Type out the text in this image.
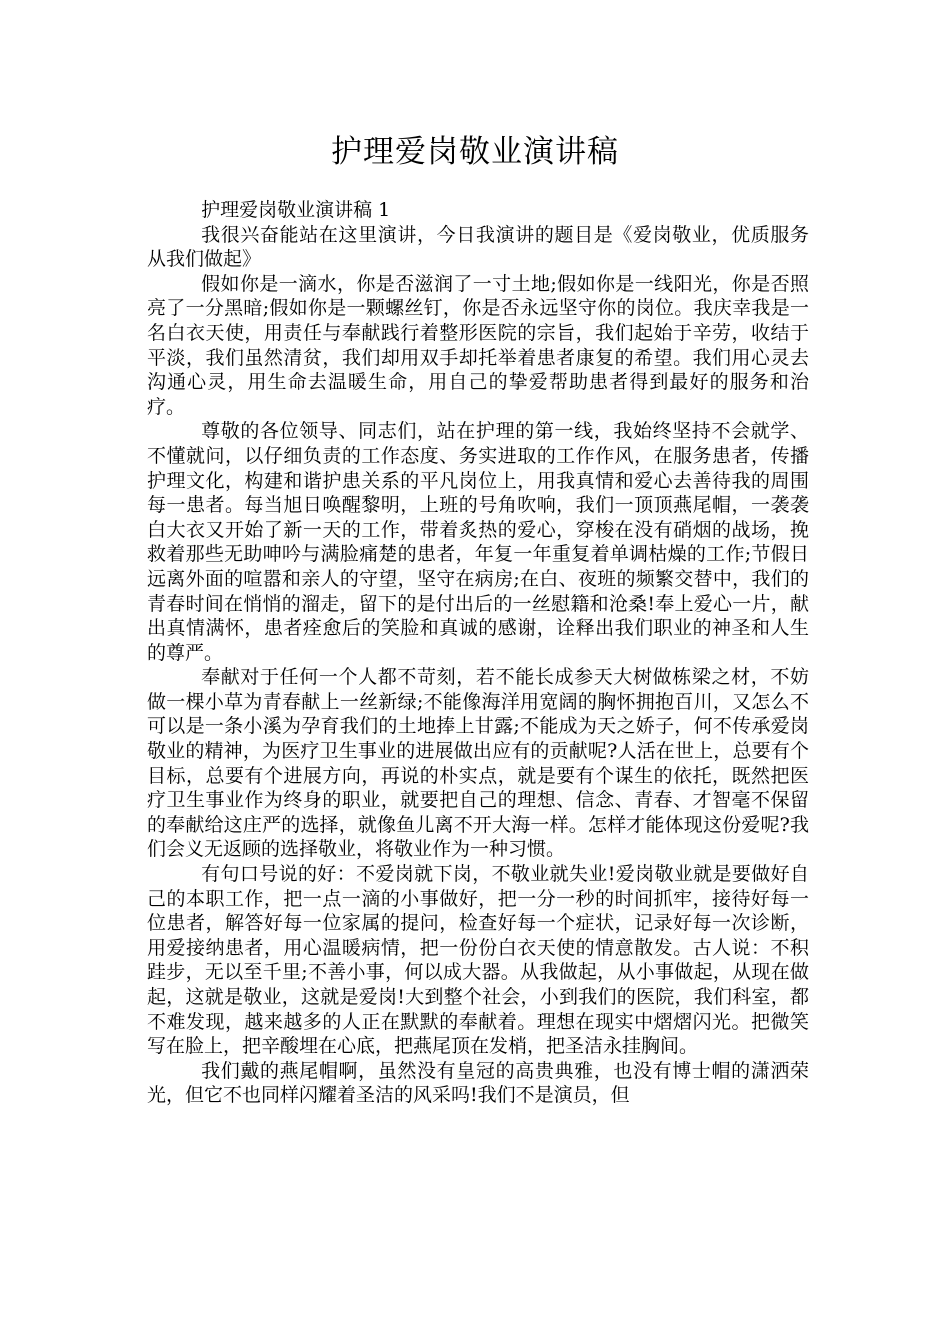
护理爱岗敬业演讲稿

护理爱岗敬业演讲稿 1

我很兴奋能站在这里演讲，今日我演讲的题目是《爱岗敬业，优质服务从我们做起》

假如你是一滴水，你是否滋润了一寸土地;假如你是一线阳光，你是否照亮了一分黑暗;假如你是一颗螺丝钉，你是否永远坚守你的岗位。我庆幸我是一名白衣天使，用责任与奉献践行着整形医院的宗旨，我们起始于辛劳，收结于平淡，我们虽然清贫，我们却用双手却托举着患者康复的希望。我们用心灵去沟通心灵，用生命去温暖生命，用自己的挚爱帮助患者得到最好的服务和治疗。

尊敬的各位领导、同志们，站在护理的第一线，我始终坚持不会就学、不懂就问，以仔细负责的工作态度、务实进取的工作作风，在服务患者，传播护理文化，构建和谐护患关系的平凡岗位上，用我真情和爱心去善待我的周围每一患者。每当旭日唤醒黎明，上班的号角吹响，我们一顶顶燕尾帽，一袭袭白大衣又开始了新一天的工作，带着炙热的爱心，穿梭在没有硝烟的战场，挽救着那些无助呻吟与满脸痛楚的患者，年复一年重复着单调枯燥的工作;节假日远离外面的喧嚣和亲人的守望，坚守在病房;在白、夜班的频繁交替中，我们的青春时间在悄悄的溜走，留下的是付出后的一丝慰籍和沧桑!奉上爱心一片，献出真情满怀，患者痊愈后的笑脸和真诚的感谢，诠释出我们职业的神圣和人生的尊严。

奉献对于任何一个人都不苛刻，若不能长成参天大树做栋梁之材，不妨做一棵小草为青春献上一丝新绿;不能像海洋用宽阔的胸怀拥抱百川，又怎么不可以是一条小溪为孕育我们的土地捧上甘露;不能成为天之娇子，何不传承爱岗敬业的精神，为医疗卫生事业的进展做出应有的贡献呢?人活在世上，总要有个目标，总要有个进展方向，再说的朴实点，就是要有个谋生的依托，既然把医疗卫生事业作为终身的职业，就要把自己的理想、信念、青春、才智毫不保留的奉献给这庄严的选择，就像鱼儿离不开大海一样。怎样才能体现这份爱呢?我们会义无返顾的选择敬业，将敬业作为一种习惯。

有句口号说的好：不爱岗就下岗，不敬业就失业!爱岗敬业就是要做好自己的本职工作，把一点一滴的小事做好，把一分一秒的时间抓牢，接待好每一位患者，解答好每一位家属的提问，检查好每一个症状，记录好每一次诊断，用爱接纳患者，用心温暖病情，把一份份白衣天使的情意散发。古人说：不积跬步，无以至千里;不善小事，何以成大器。从我做起，从小事做起，从现在做起，这就是敬业，这就是爱岗!大到整个社会，小到我们的医院，我们科室，都不难发现，越来越多的人正在默默的奉献着。理想在现实中熠熠闪光。把微笑写在脸上，把辛酸埋在心底，把燕尾顶在发梢，把圣洁永挂胸间。

我们戴的燕尾帽啊，虽然没有皇冠的高贵典雅，也没有博士帽的潇洒荣光，但它不也同样闪耀着圣洁的风采吗!我们不是演员，但
